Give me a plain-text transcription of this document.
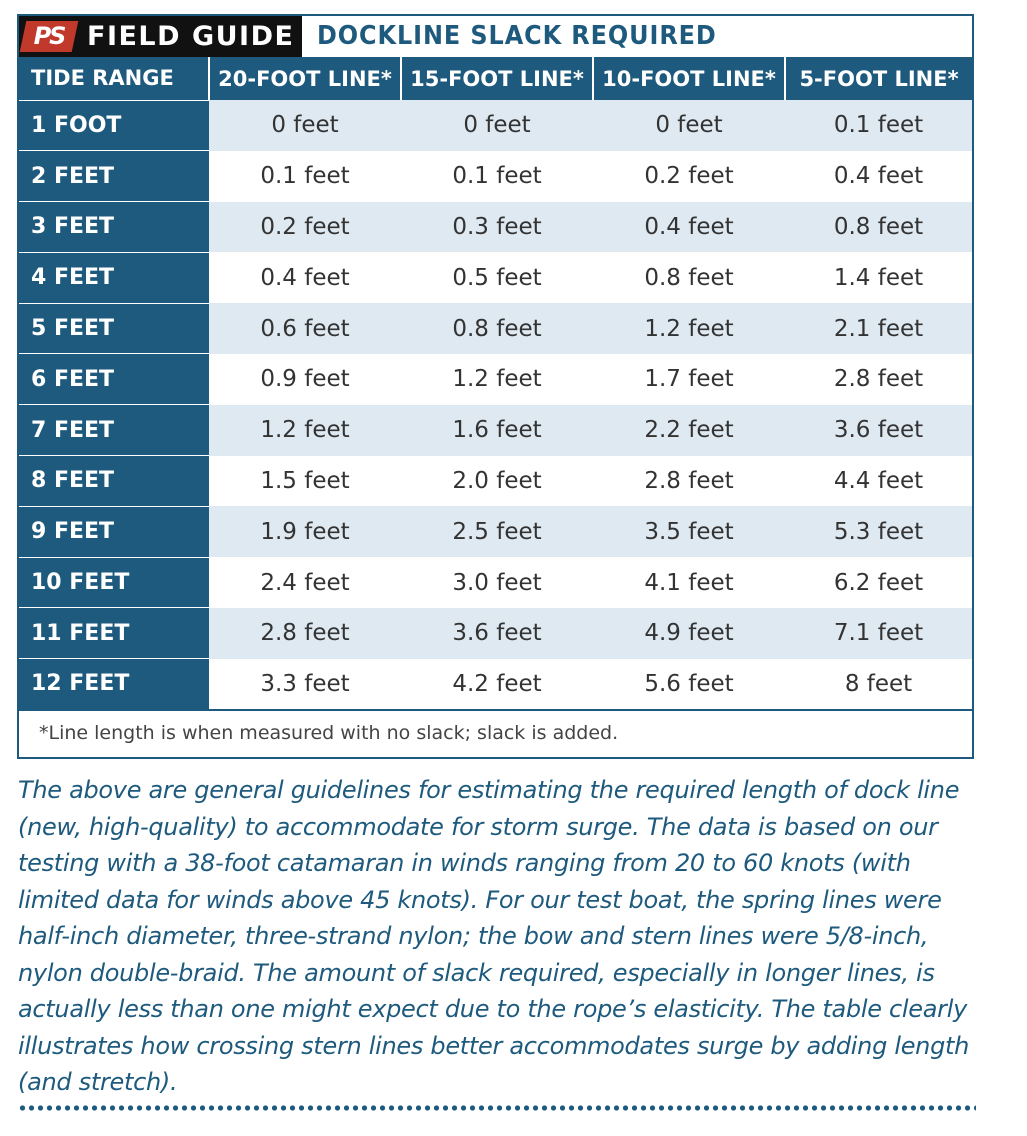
PS FIELD GUIDE DOCKLINE SLACK REQUIRED
TIDE RANGE	20-FOOT LINE*	15-FOOT LINE*	10-FOOT LINE*	5-FOOT LINE*
1 FOOT	0 feet	0 feet	0 feet	0.1 feet
2 FEET	0.1 feet	0.1 feet	0.2 feet	0.4 feet
3 FEET	0.2 feet	0.3 feet	0.4 feet	0.8 feet
4 FEET	0.4 feet	0.5 feet	0.8 feet	1.4 feet
5 FEET	0.6 feet	0.8 feet	1.2 feet	2.1 feet
6 FEET	0.9 feet	1.2 feet	1.7 feet	2.8 feet
7 FEET	1.2 feet	1.6 feet	2.2 feet	3.6 feet
8 FEET	1.5 feet	2.0 feet	2.8 feet	4.4 feet
9 FEET	1.9 feet	2.5 feet	3.5 feet	5.3 feet
10 FEET	2.4 feet	3.0 feet	4.1 feet	6.2 feet
11 FEET	2.8 feet	3.6 feet	4.9 feet	7.1 feet
12 FEET	3.3 feet	4.2 feet	5.6 feet	8 feet
*Line length is when measured with no slack; slack is added.

The above are general guidelines for estimating the required length of dock line (new, high-quality) to accommodate for storm surge. The data is based on our testing with a 38-foot catamaran in winds ranging from 20 to 60 knots (with limited data for winds above 45 knots). For our test boat, the spring lines were half-inch diameter, three-strand nylon; the bow and stern lines were 5/8-inch, nylon double-braid. The amount of slack required, especially in longer lines, is actually less than one might expect due to the rope’s elasticity. The table clearly illustrates how crossing stern lines better accommodates surge by adding length (and stretch).
